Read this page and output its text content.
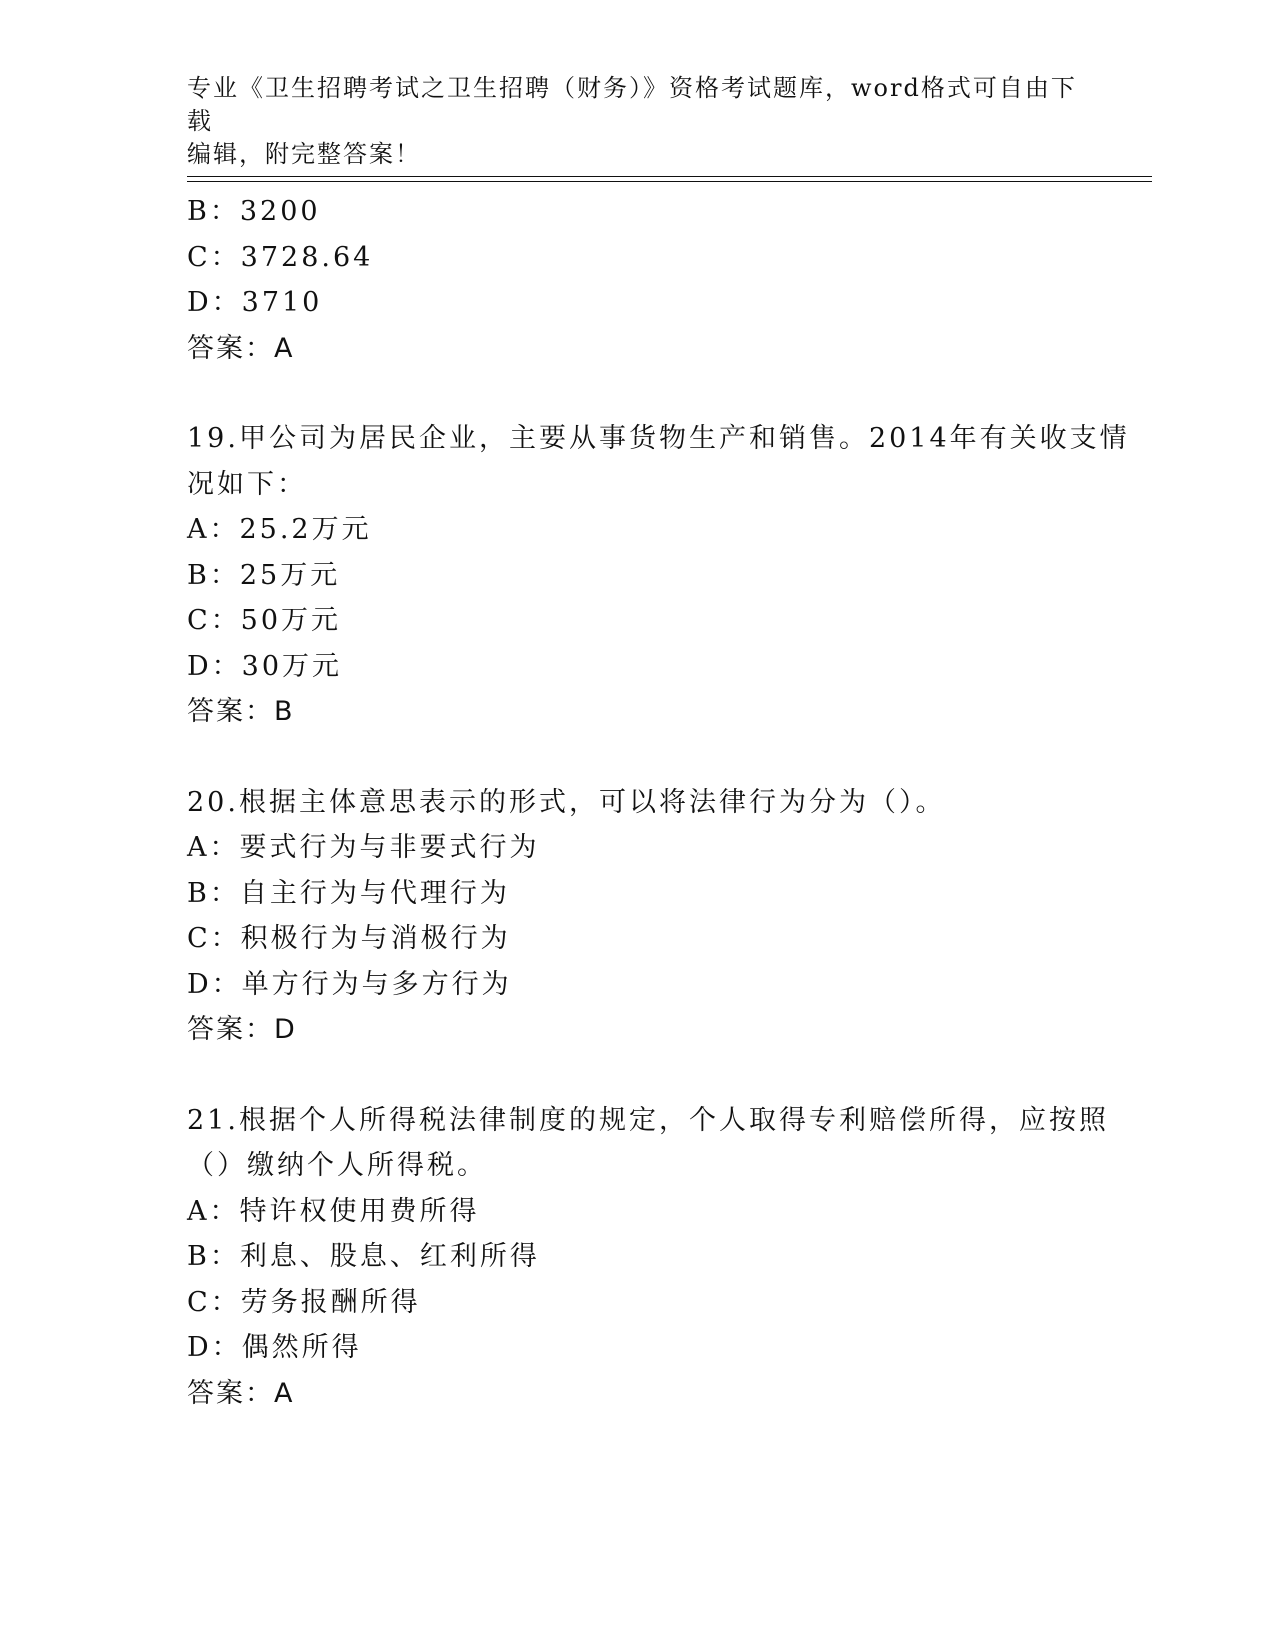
专业《卫生招聘考试之卫生招聘（财务）》资格考试题库，word格式可自由下载
编辑，附完整答案！
B：3200
C：3728.64
D：3710
答案：A
19.甲公司为居民企业，主要从事货物生产和销售。2014年有关收支情
况如下：
A：25.2万元
B：25万元
C：50万元
D：30万元
答案：B
20.根据主体意思表示的形式，可以将法律行为分为（）。
A：要式行为与非要式行为
B：自主行为与代理行为
C：积极行为与消极行为
D：单方行为与多方行为
答案：D
21.根据个人所得税法律制度的规定，个人取得专利赔偿所得，应按照
（）缴纳个人所得税。
A：特许权使用费所得
B：利息、股息、红利所得
C：劳务报酬所得
D：偶然所得
答案：A
